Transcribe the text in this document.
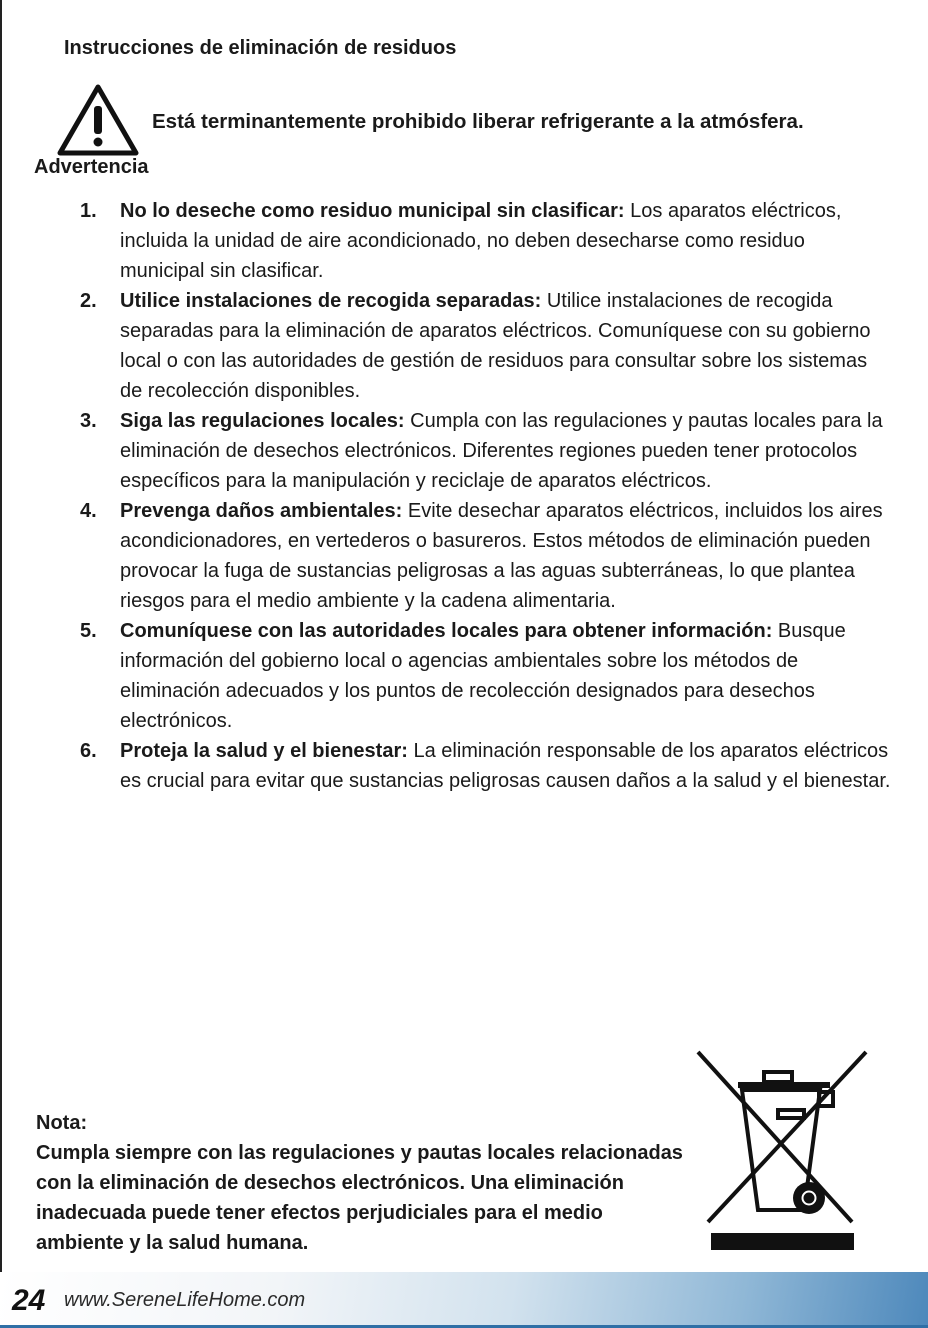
Instrucciones de eliminación de residuos
Está terminantemente prohibido liberar refrigerante a la atmósfera.
Advertencia
1. No lo deseche como residuo municipal sin clasificar: Los aparatos eléctricos, incluida la unidad de aire acondicionado, no deben desecharse como residuo municipal sin clasificar.
2. Utilice instalaciones de recogida separadas: Utilice instalaciones de recogida separadas para la eliminación de aparatos eléctricos. Comuníquese con su gobierno local o con las autoridades de gestión de residuos para consultar sobre los sistemas de recolección disponibles.
3. Siga las regulaciones locales: Cumpla con las regulaciones y pautas locales para la eliminación de desechos electrónicos. Diferentes regiones pueden tener protocolos específicos para la manipulación y reciclaje de aparatos eléctricos.
4. Prevenga daños ambientales: Evite desechar aparatos eléctricos, incluidos los aires acondicionadores, en vertederos o basureros. Estos métodos de eliminación pueden provocar la fuga de sustancias peligrosas a las aguas subterráneas, lo que plantea riesgos para el medio ambiente y la cadena alimentaria.
5. Comuníquese con las autoridades locales para obtener información: Busque información del gobierno local o agencias ambientales sobre los métodos de eliminación adecuados y los puntos de recolección designados para desechos electrónicos.
6. Proteja la salud y el bienestar: La eliminación responsable de los aparatos eléctricos es crucial para evitar que sustancias peligrosas causen daños a la salud y el bienestar.
Nota:
Cumpla siempre con las regulaciones y pautas locales relacionadas
con la eliminación de desechos electrónicos. Una eliminación
inadecuada puede tener efectos perjudiciales para el medio
ambiente y la salud humana.
24 www.SereneLifeHome.com
